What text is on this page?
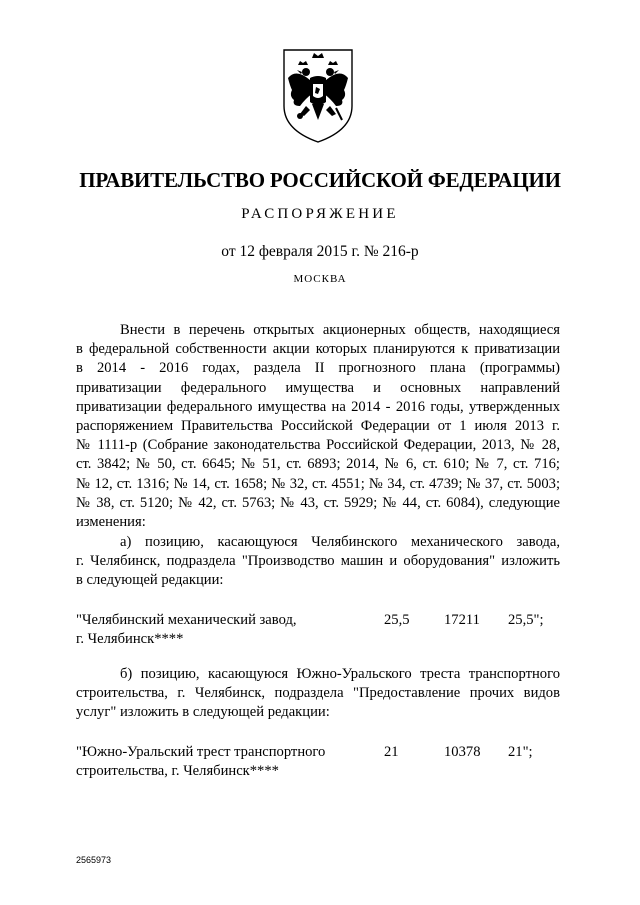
ПРАВИТЕЛЬСТВО РОССИЙСКОЙ ФЕДЕРАЦИИ
РАСПОРЯЖЕНИЕ
от 12 февраля 2015 г. № 216-р
МОСКВА
Внести в перечень открытых акционерных обществ, находящиеся
в федеральной собственности акции которых планируются к приватизации
в 2014 - 2016 годах, раздела II прогнозного плана (программы)
приватизации федерального имущества и основных направлений
приватизации федерального имущества на 2014 - 2016 годы, утвержденных
распоряжением Правительства Российской Федерации от 1 июля 2013 г.
№ 1111-р (Собрание законодательства Российской Федерации, 2013, № 28,
ст. 3842; № 50, ст. 6645; № 51, ст. 6893; 2014, № 6, ст. 610; № 7, ст. 716;
№ 12, ст. 1316; № 14, ст. 1658; № 32, ст. 4551; № 34, ст. 4739; № 37, ст. 5003;
№ 38, ст. 5120; № 42, ст. 5763; № 43, ст. 5929; № 44, ст. 6084), следующие
изменения:
а) позицию, касающуюся Челябинского механического завода,
г. Челябинск, подраздела "Производство машин и оборудования" изложить
в следующей редакции:
"Челябинский механический завод,
г. Челябинск****
25,5 17211 25,5";
б) позицию, касающуюся Южно-Уральского треста транспортного
строительства, г. Челябинск, подраздела "Предоставление прочих видов
услуг" изложить в следующей редакции:
"Южно-Уральский трест транспортного
строительства, г. Челябинск****
21	10378 21";
2565973
